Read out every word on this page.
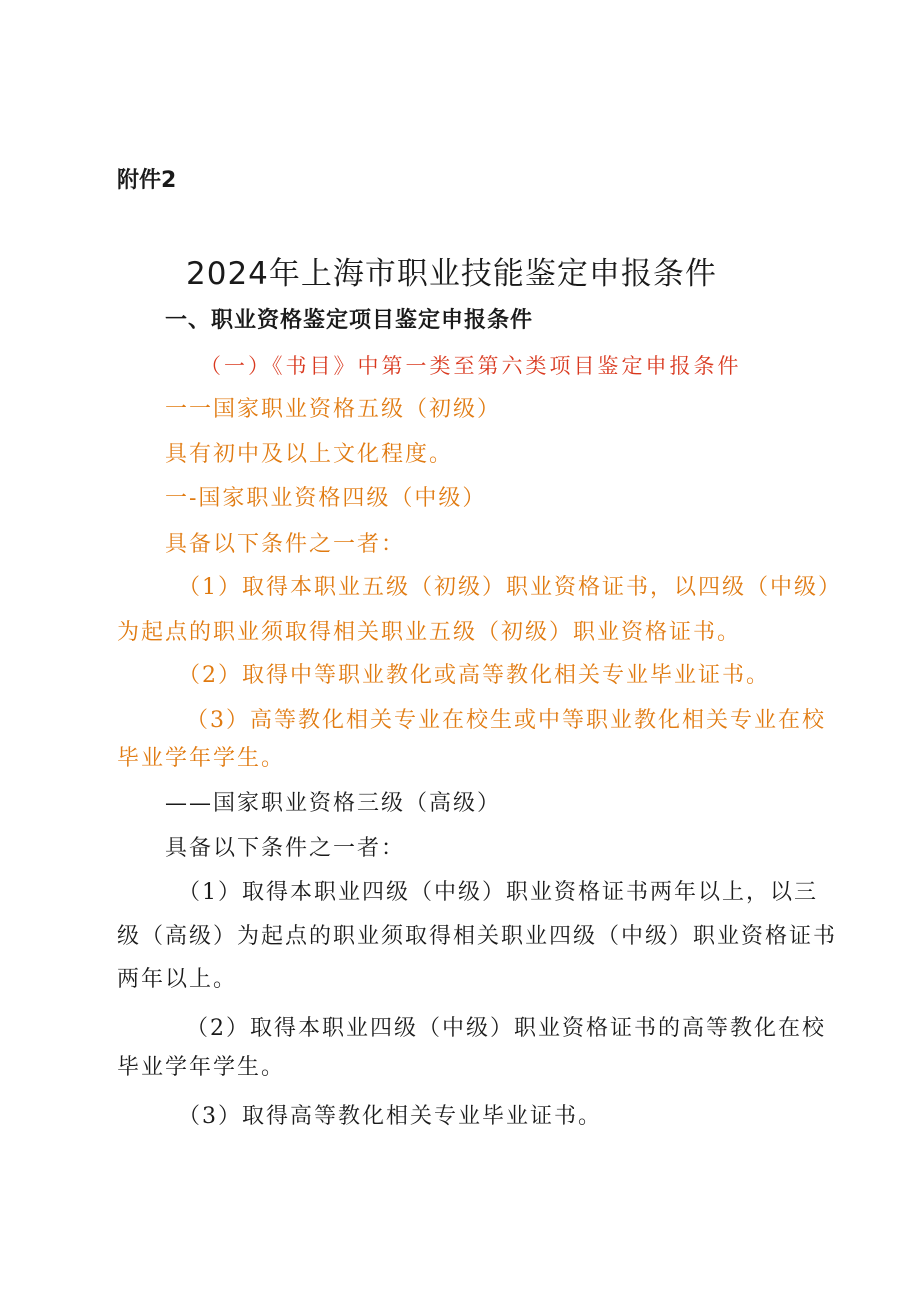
附件2
2024年上海市职业技能鉴定申报条件
一、职业资格鉴定项目鉴定申报条件
（一）《书目》中第一类至第六类项目鉴定申报条件
一一国家职业资格五级（初级）
具有初中及以上文化程度。
一-国家职业资格四级（中级）
具备以下条件之一者：
（1）取得本职业五级（初级）职业资格证书，以四级（中级）
为起点的职业须取得相关职业五级（初级）职业资格证书。
（2）取得中等职业教化或高等教化相关专业毕业证书。
（3）高等教化相关专业在校生或中等职业教化相关专业在校
毕业学年学生。
——国家职业资格三级（高级）
具备以下条件之一者：
（1）取得本职业四级（中级）职业资格证书两年以上，以三
级（高级）为起点的职业须取得相关职业四级（中级）职业资格证书
两年以上。
（2）取得本职业四级（中级）职业资格证书的高等教化在校
毕业学年学生。
（3）取得高等教化相关专业毕业证书。
